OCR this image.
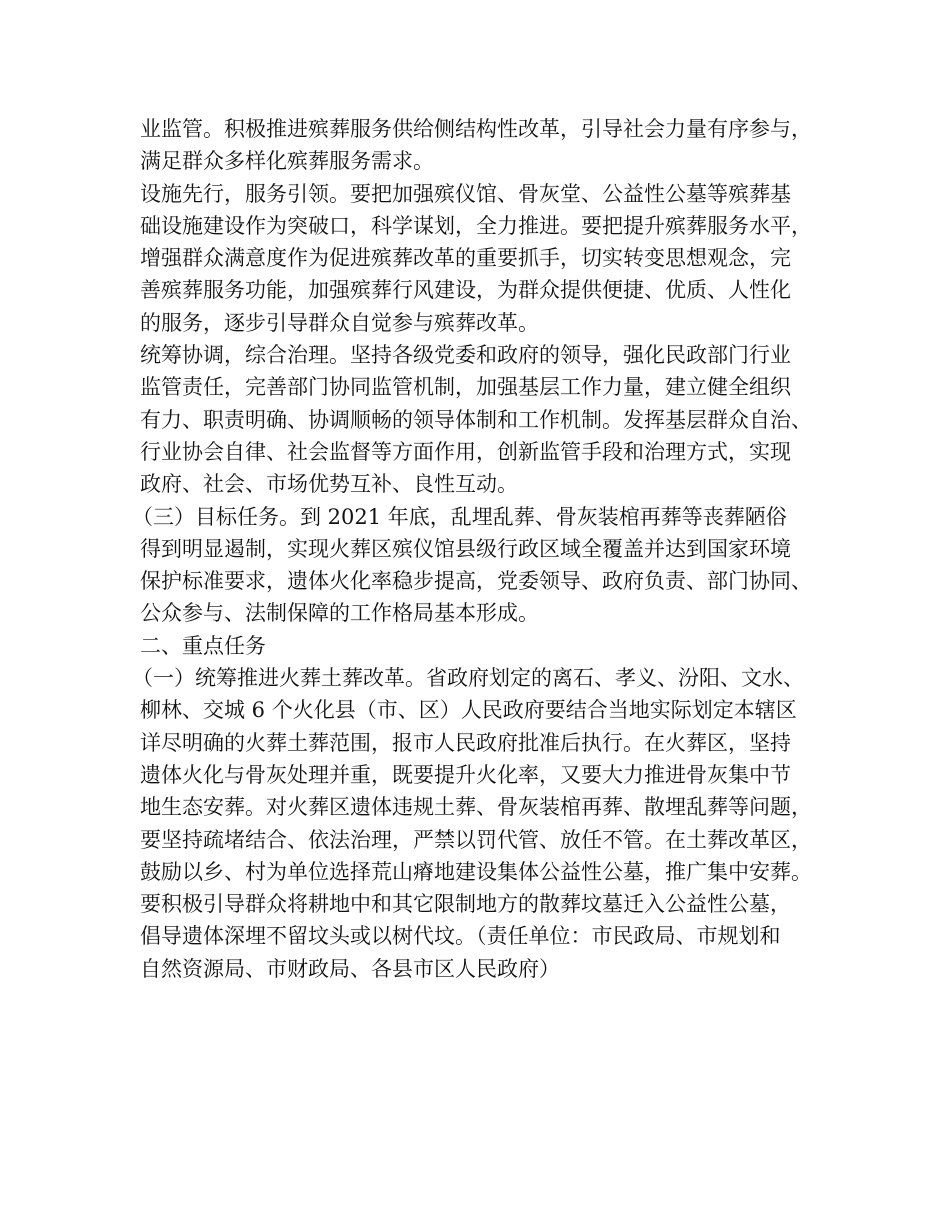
业监管。积极推进殡葬服务供给侧结构性改革，引导社会力量有序参与，
满足群众多样化殡葬服务需求。
设施先行，服务引领。要把加强殡仪馆、骨灰堂、公益性公墓等殡葬基
础设施建设作为突破口，科学谋划，全力推进。要把提升殡葬服务水平，
增强群众满意度作为促进殡葬改革的重要抓手，切实转变思想观念，完
善殡葬服务功能，加强殡葬行风建设，为群众提供便捷、优质、人性化
的服务，逐步引导群众自觉参与殡葬改革。
统筹协调，综合治理。坚持各级党委和政府的领导，强化民政部门行业
监管责任，完善部门协同监管机制，加强基层工作力量，建立健全组织
有力、职责明确、协调顺畅的领导体制和工作机制。发挥基层群众自治、
行业协会自律、社会监督等方面作用，创新监管手段和治理方式，实现
政府、社会、市场优势互补、良性互动。
（三）目标任务。到 2021 年底，乱埋乱葬、骨灰装棺再葬等丧葬陋俗
得到明显遏制，实现火葬区殡仪馆县级行政区域全覆盖并达到国家环境
保护标准要求，遗体火化率稳步提高，党委领导、政府负责、部门协同、
公众参与、法制保障的工作格局基本形成。
二、重点任务
（一）统筹推进火葬土葬改革。省政府划定的离石、孝义、汾阳、文水、
柳林、交城 6 个火化县（市、区）人民政府要结合当地实际划定本辖区
详尽明确的火葬土葬范围，报市人民政府批准后执行。在火葬区，坚持
遗体火化与骨灰处理并重，既要提升火化率，又要大力推进骨灰集中节
地生态安葬。对火葬区遗体违规土葬、骨灰装棺再葬、散埋乱葬等问题，
要坚持疏堵结合、依法治理，严禁以罚代管、放任不管。在土葬改革区，
鼓励以乡、村为单位选择荒山瘠地建设集体公益性公墓，推广集中安葬。
要积极引导群众将耕地中和其它限制地方的散葬坟墓迁入公益性公墓，
倡导遗体深埋不留坟头或以树代坟。（责任单位：市民政局、市规划和
自然资源局、市财政局、各县市区人民政府）
